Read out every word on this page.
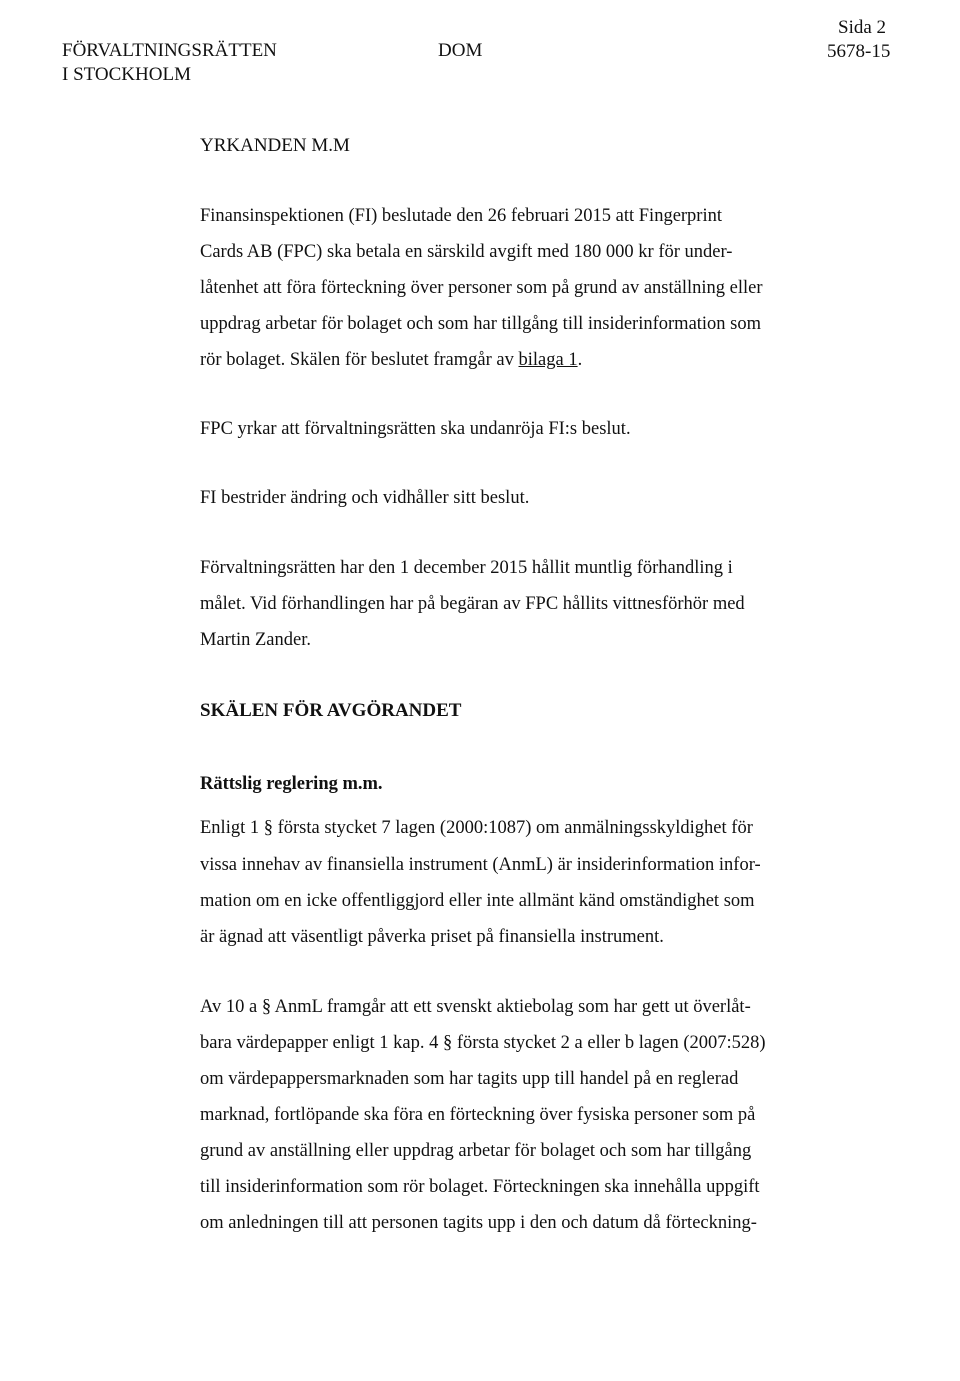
FÖRVALTNINGSRÄTTEN
I STOCKHOLM
DOM
Sida 2
5678-15
YRKANDEN M.M
Finansinspektionen (FI) beslutade den 26 februari 2015 att Fingerprint
Cards AB (FPC) ska betala en särskild avgift med 180 000 kr för under-
låtenhet att föra förteckning över personer som på grund av anställning eller
uppdrag arbetar för bolaget och som har tillgång till insiderinformation som
rör bolaget. Skälen för beslutet framgår av bilaga 1.
FPC yrkar att förvaltningsrätten ska undanröja FI:s beslut.
FI bestrider ändring och vidhåller sitt beslut.
Förvaltningsrätten har den 1 december 2015 hållit muntlig förhandling i
målet. Vid förhandlingen har på begäran av FPC hållits vittnesförhör med
Martin Zander.
SKÄLEN FÖR AVGÖRANDET
Rättslig reglering m.m.
Enligt 1 § första stycket 7 lagen (2000:1087) om anmälningsskyldighet för
vissa innehav av finansiella instrument (AnmL) är insiderinformation infor-
mation om en icke offentliggjord eller inte allmänt känd omständighet som
är ägnad att väsentligt påverka priset på finansiella instrument.
Av 10 a § AnmL framgår att ett svenskt aktiebolag som har gett ut överlåt-
bara värdepapper enligt 1 kap. 4 § första stycket 2 a eller b lagen (2007:528)
om värdepappersmarknaden som har tagits upp till handel på en reglerad
marknad, fortlöpande ska föra en förteckning över fysiska personer som på
grund av anställning eller uppdrag arbetar för bolaget och som har tillgång
till insiderinformation som rör bolaget. Förteckningen ska innehålla uppgift
om anledningen till att personen tagits upp i den och datum då förteckning-
